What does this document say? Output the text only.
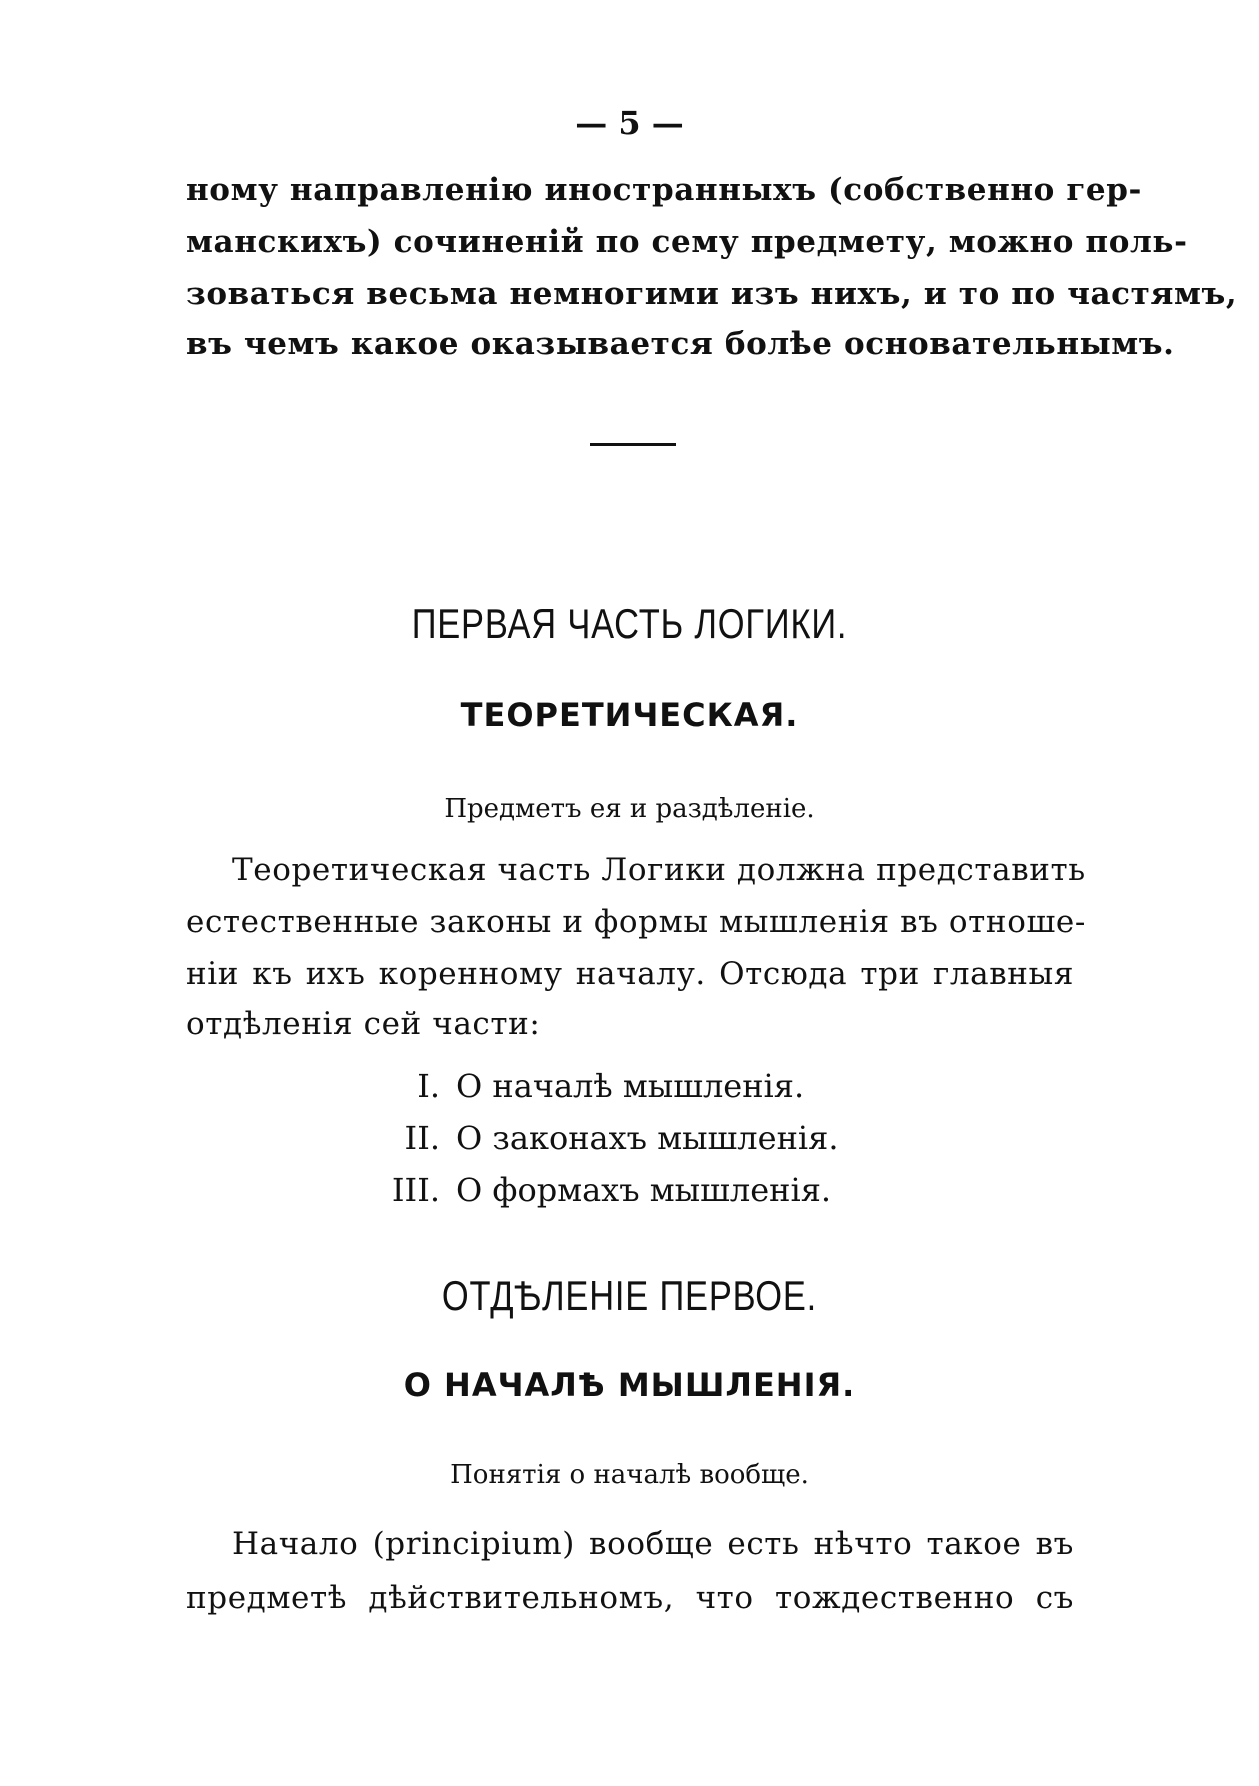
— 5 —
ному направленію иностранныхъ (собственно гер-
манскихъ) сочиненій по сему предмету, можно поль-
зоваться весьма немногими изъ нихъ, и то по частямъ,
въ чемъ какое оказывается болѣе основательнымъ.
ПЕРВАЯ ЧАСТЬ ЛОГИКИ.
ТЕОРЕТИЧЕСКАЯ.
Предметъ ея и раздѣленіе.
Теоретическая часть Логики должна представить
естественные законы и формы мышленія въ отноше-
ніи къ ихъ коренному началу. Отсюда три главныя
отдѣленія сей части:
I. О началѣ мышленія.
II. О законахъ мышленія.
III. О формахъ мышленія.
ОТДѢЛЕНІЕ ПЕРВОЕ.
О НАЧАЛѢ МЫШЛЕНІЯ.
Понятія о началѣ вообще.
Начало (principium) вообще есть нѣчто такое въ
предметѣ дѣйствительномъ, что тождественно съ
